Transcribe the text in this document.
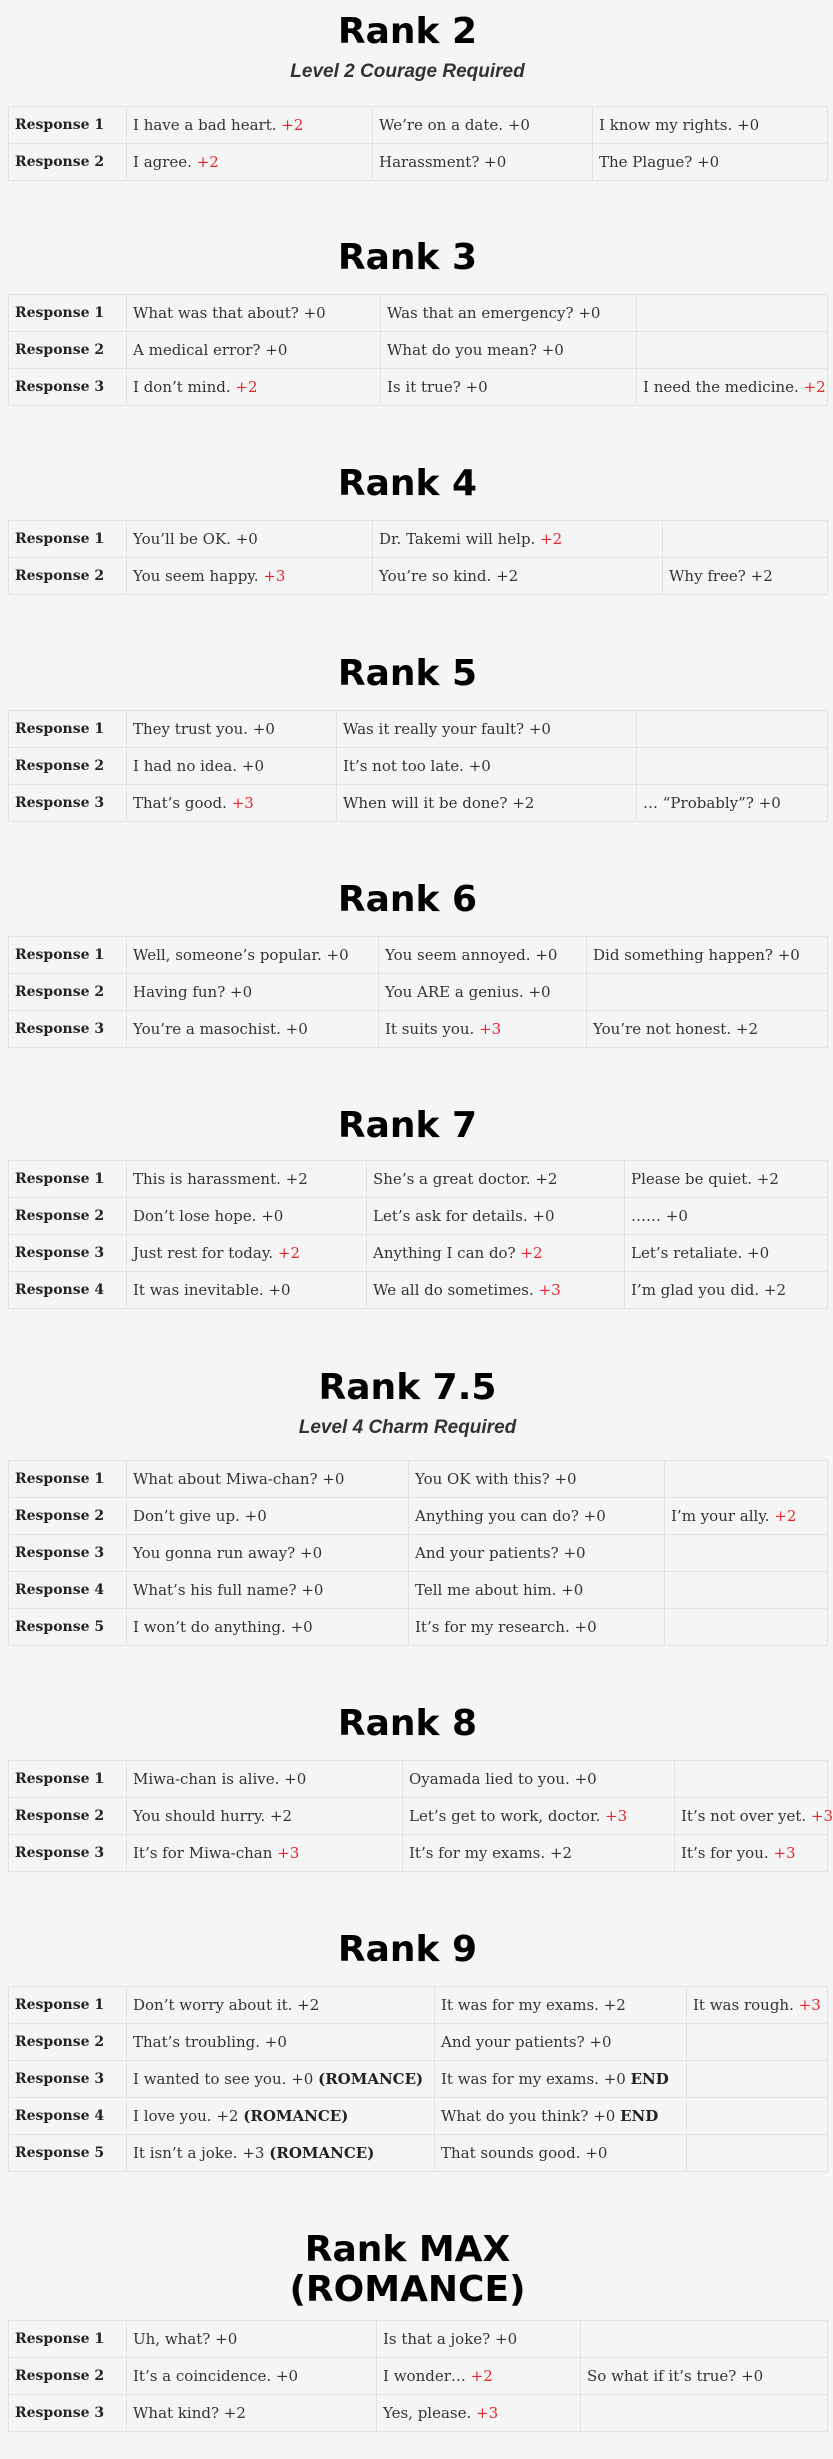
Rank 2
Level 2 Courage Required
Response 1	I have a bad heart. +2	We’re on a date. +0	I know my rights. +0
Response 2	I agree. +2	Harassment? +0	The Plague? +0
Rank 3
Response 1	What was that about? +0	Was that an emergency? +0	
Response 2	A medical error? +0	What do you mean? +0	
Response 3	I don’t mind. +2	Is it true? +0	I need the medicine. +2
Rank 4
Response 1	You’ll be OK. +0	Dr. Takemi will help. +2	
Response 2	You seem happy. +3	You’re so kind. +2	Why free? +2
Rank 5
Response 1	They trust you. +0	Was it really your fault? +0	
Response 2	I had no idea. +0	It’s not too late. +0	
Response 3	That’s good. +3	When will it be done? +2	… “Probably”? +0
Rank 6
Response 1	Well, someone’s popular. +0	You seem annoyed. +0	Did something happen? +0
Response 2	Having fun? +0	You ARE a genius. +0	
Response 3	You’re a masochist. +0	It suits you. +3	You’re not honest. +2
Rank 7
Response 1	This is harassment. +2	She’s a great doctor. +2	Please be quiet. +2
Response 2	Don’t lose hope. +0	Let’s ask for details. +0	…… +0
Response 3	Just rest for today. +2	Anything I can do? +2	Let’s retaliate. +0
Response 4	It was inevitable. +0	We all do sometimes. +3	I’m glad you did. +2
Rank 7.5
Level 4 Charm Required
Response 1	What about Miwa-chan? +0	You OK with this? +0	
Response 2	Don’t give up. +0	Anything you can do? +0	I’m your ally. +2
Response 3	You gonna run away? +0	And your patients? +0	
Response 4	What’s his full name? +0	Tell me about him. +0	
Response 5	I won’t do anything. +0	It’s for my research. +0	
Rank 8
Response 1	Miwa-chan is alive. +0	Oyamada lied to you. +0	
Response 2	You should hurry. +2	Let’s get to work, doctor. +3	It’s not over yet. +3
Response 3	It’s for Miwa-chan +3	It’s for my exams. +2	It’s for you. +3
Rank 9
Response 1	Don’t worry about it. +2	It was for my exams. +2	It was rough. +3
Response 2	That’s troubling. +0	And your patients? +0	
Response 3	I wanted to see you. +0 (ROMANCE)	It was for my exams. +0 END	
Response 4	I love you. +2 (ROMANCE)	What do you think? +0 END	
Response 5	It isn’t a joke. +3 (ROMANCE)	That sounds good. +0	
Rank MAX
(ROMANCE)
Response 1	Uh, what? +0	Is that a joke? +0	
Response 2	It’s a coincidence. +0	I wonder… +2	So what if it’s true? +0
Response 3	What kind? +2	Yes, please. +3	
